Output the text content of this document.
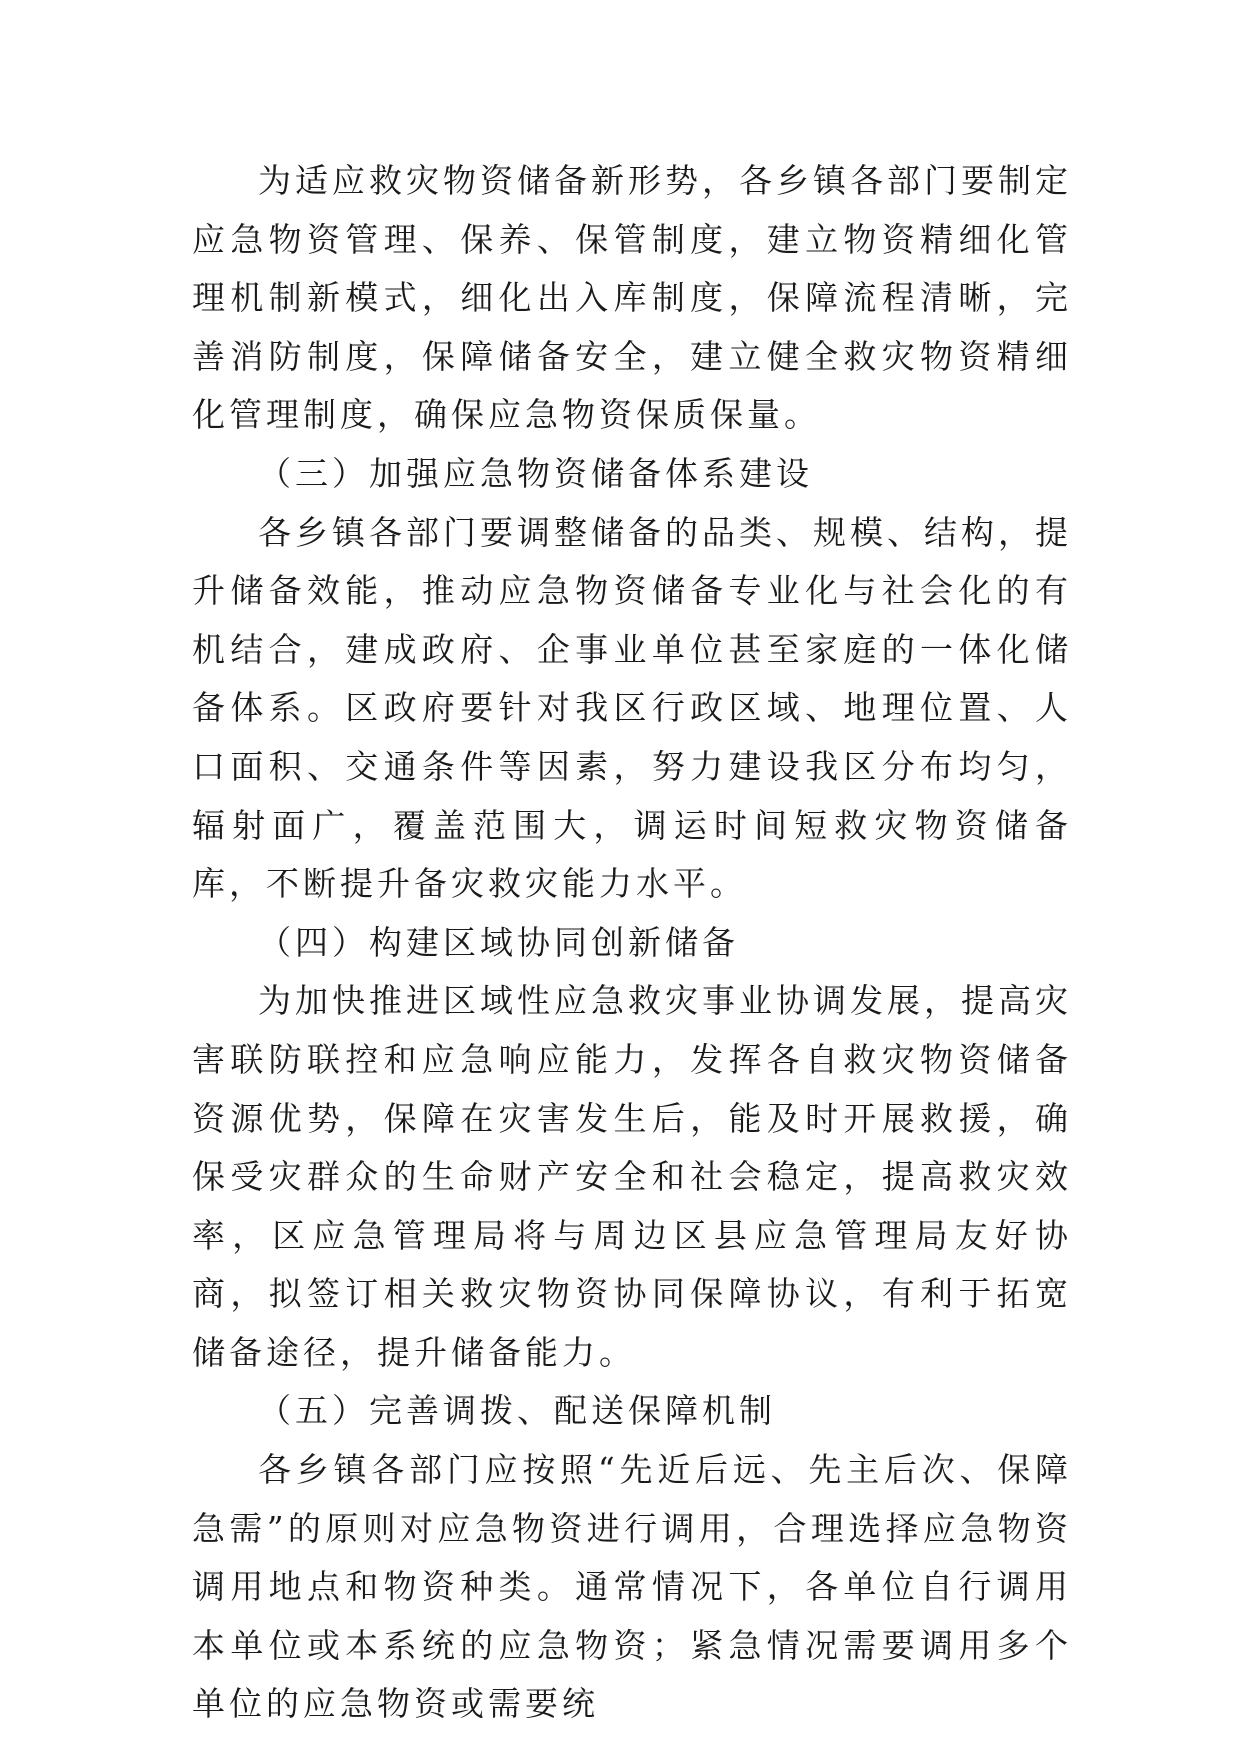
为适应救灾物资储备新形势，各乡镇各部门要制定应急物资管理、保养、保管制度，建立物资精细化管理机制新模式，细化出入库制度，保障流程清晰，完善消防制度，保障储备安全，建立健全救灾物资精细化管理制度，确保应急物资保质保量。

（三）加强应急物资储备体系建设

各乡镇各部门要调整储备的品类、规模、结构，提升储备效能，推动应急物资储备专业化与社会化的有机结合，建成政府、企事业单位甚至家庭的一体化储备体系。区政府要针对我区行政区域、地理位置、人口面积、交通条件等因素，努力建设我区分布均匀，辐射面广，覆盖范围大，调运时间短救灾物资储备库，不断提升备灾救灾能力水平。

（四）构建区域协同创新储备

为加快推进区域性应急救灾事业协调发展，提高灾害联防联控和应急响应能力，发挥各自救灾物资储备资源优势，保障在灾害发生后，能及时开展救援，确保受灾群众的生命财产安全和社会稳定，提高救灾效率，区应急管理局将与周边区县应急管理局友好协商，拟签订相关救灾物资协同保障协议，有利于拓宽储备途径，提升储备能力。

（五）完善调拨、配送保障机制

各乡镇各部门应按照“先近后远、先主后次、保障急需”的原则对应急物资进行调用，合理选择应急物资调用地点和物资种类。通常情况下，各单位自行调用本单位或本系统的应急物资；紧急情况需要调用多个单位的应急物资或需要统
